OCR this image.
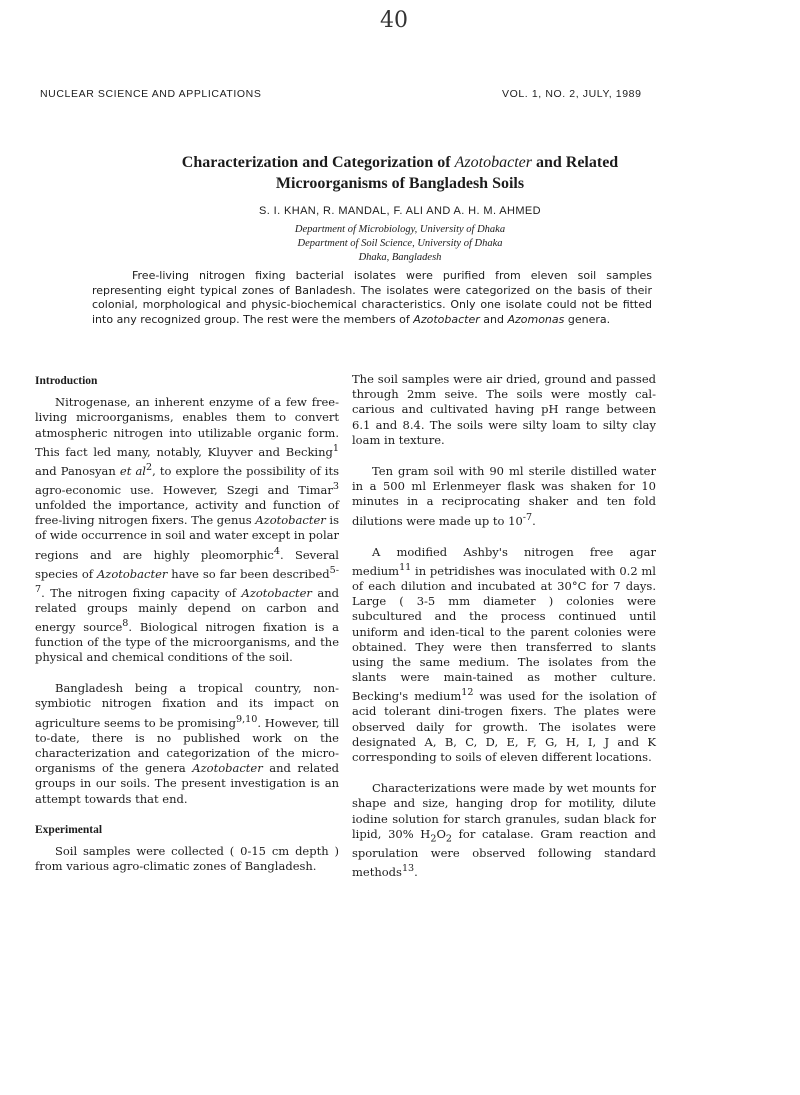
40
NUCLEAR SCIENCE AND APPLICATIONS	VOL. 1, NO. 2, JULY, 1989
Characterization and Categorization of Azotobacter and Related
Microorganisms of Bangladesh Soils
S. I. KHAN, R. MANDAL, F. ALI AND A. H. M. AHMED
Department of Microbiology, University of Dhaka
Department of Soil Science, University of Dhaka
Dhaka, Bangladesh
Free-living nitrogen fixing bacterial isolates were purified from eleven soil samples representing eight typical zones of Banladesh. The isolates were categorized on the basis of their colonial, morphological and physic-biochemical characteristics. Only one isolate could not be fitted into any recognized group. The rest were the members of Azotobacter and Azomonas genera.
Introduction

Nitrogenase, an inherent enzyme of a few free-living microorganisms, enables them to convert atmospheric nitrogen into utilizable organic form. This fact led many, notably, Kluyver and Becking$^1$ and Panosyan et $al^2$, to explore the possibility of its agro-economic use. However, Szegi and Timar$^3$ unfolded the importance, activity and function of free-living nitrogen fixers. The genus Azotobacter is of wide occurrence in soil and water except in polar regions and are highly pleomorphic$^4$. Several species of Azotobacter have so far been described$^{5-7}$. The nitrogen fixing capacity of Azotobacter and related groups mainly depend on carbon and energy source$^8$. Biological nitrogen fixation is a function of the type of the microorganisms, and the physical and chemical conditions of the soil.

Bangladesh being a tropical country, non-symbiotic nitrogen fixation and its impact on agriculture seems to be promising$^{9,10}$. However, till to-date, there is no published work on the characterization and categorization of the micro-organisms of the genera Azotobacter and related groups in our soils. The present investigation is an attempt towards that end.

Experimental

Soil samples were collected ( 0-15 cm depth ) from various agro-climatic zones of Bangladesh.

The soil samples were air dried, ground and passed through 2mm seive. The soils were mostly cal-carious and cultivated having pH range between 6.1 and 8.4. The soils were silty loam to silty clay loam in texture.

Ten gram soil with 90 ml sterile distilled water in a 500 ml Erlenmeyer flask was shaken for 10 minutes in a reciprocating shaker and ten fold dilutions were made up to $10^{-7}$.

A modified Ashby's nitrogen free agar medium$^{11}$ in petridishes was inoculated with 0.2 ml of each dilution and incubated at 30°C for 7 days. Large ( 3-5 mm diameter ) colonies were subcultured and the process continued until uniform and iden-tical to the parent colonies were obtained. They were then transferred to slants using the same medium. The isolates from the slants were main-tained as mother culture. Becking's medium$^{12}$ was used for the isolation of acid tolerant dini-trogen fixers. The plates were observed daily for growth. The isolates were designated A, B, C, D, E, F, G, H, I, J and K corresponding to soils of eleven different locations.

Characterizations were made by wet mounts for shape and size, hanging drop for motility, dilute iodine solution for starch granules, sudan black for lipid, 30% $H_2O_2$ for catalase. Gram reaction and sporulation were observed following standard methods$^{13}$.
